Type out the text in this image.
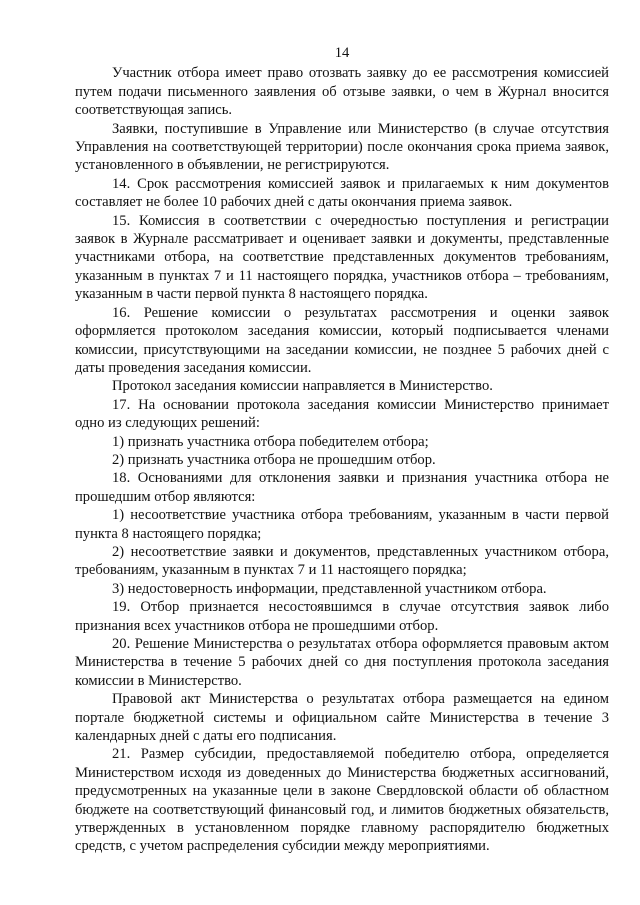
14

Участник отбора имеет право отозвать заявку до ее рассмотрения комиссией путем подачи письменного заявления об отзыве заявки, о чем в Журнал вносится соответствующая запись.

Заявки, поступившие в Управление или Министерство (в случае отсутствия Управления на соответствующей территории) после окончания срока приема заявок, установленного в объявлении, не регистрируются.

14. Срок рассмотрения комиссией заявок и прилагаемых к ним документов составляет не более 10 рабочих дней с даты окончания приема заявок.

15. Комиссия в соответствии с очередностью поступления и регистрации заявок в Журнале рассматривает и оценивает заявки и документы, представленные участниками отбора, на соответствие представленных документов требованиям, указанным в пунктах 7 и 11 настоящего порядка, участников отбора – требованиям, указанным в части первой пункта 8 настоящего порядка.

16. Решение комиссии о результатах рассмотрения и оценки заявок оформляется протоколом заседания комиссии, который подписывается членами комиссии, присутствующими на заседании комиссии, не позднее 5 рабочих дней с даты проведения заседания комиссии.

Протокол заседания комиссии направляется в Министерство.

17. На основании протокола заседания комиссии Министерство принимает одно из следующих решений:

1) признать участника отбора победителем отбора;

2) признать участника отбора не прошедшим отбор.

18. Основаниями для отклонения заявки и признания участника отбора не прошедшим отбор являются:

1) несоответствие участника отбора требованиям, указанным в части первой пункта 8 настоящего порядка;

2) несоответствие заявки и документов, представленных участником отбора, требованиям, указанным в пунктах 7 и 11 настоящего порядка;

3) недостоверность информации, представленной участником отбора.

19. Отбор признается несостоявшимся в случае отсутствия заявок либо признания всех участников отбора не прошедшими отбор.

20. Решение Министерства о результатах отбора оформляется правовым актом Министерства в течение 5 рабочих дней со дня поступления протокола заседания комиссии в Министерство.

Правовой акт Министерства о результатах отбора размещается на едином портале бюджетной системы и официальном сайте Министерства в течение 3 календарных дней с даты его подписания.

21. Размер субсидии, предоставляемой победителю отбора, определяется Министерством исходя из доведенных до Министерства бюджетных ассигнований, предусмотренных на указанные цели в законе Свердловской области об областном бюджете на соответствующий финансовый год, и лимитов бюджетных обязательств, утвержденных в установленном порядке главному распорядителю бюджетных средств, с учетом распределения субсидии между мероприятиями.
